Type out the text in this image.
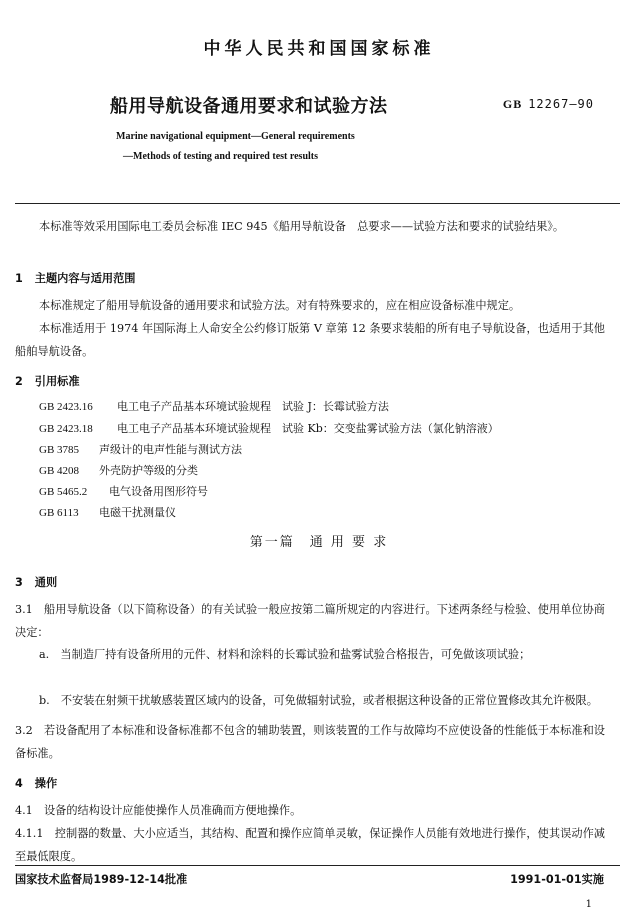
中华人民共和国国家标准
船用导航设备通用要求和试验方法	GB 12267—90
Marine navigational equipment—General requirements
—Methods of testing and required test results
本标准等效采用国际电工委员会标准 IEC 945《船用导航设备　总要求——试验方法和要求的试验结果》。
1 主题内容与适用范围
本标准规定了船用导航设备的通用要求和试验方法。对有特殊要求的，应在相应设备标准中规定。
本标准适用于 1974 年国际海上人命安全公约修订版第 V 章第 12 条要求装船的所有电子导航设备，也适用于其他船舶导航设备。
2 引用标准
GB 2423.16 电工电子产品基本环境试验规程　试验 J：长霉试验方法
GB 2423.18 电工电子产品基本环境试验规程　试验 Kb：交变盐雾试验方法（氯化钠溶液）
GB 3785 声级计的电声性能与测试方法
GB 4208 外壳防护等级的分类
GB 5465.2 电气设备用图形符号
GB 6113 电磁干扰测量仪
第一篇　通 用 要 求
3 通则
3.1　船用导航设备（以下简称设备）的有关试验一般应按第二篇所规定的内容进行。下述两条经与检验、使用单位协商决定：
a.　当制造厂持有设备所用的元件、材料和涂料的长霉试验和盐雾试验合格报告，可免做该项试验；
b.　不安装在射频干扰敏感装置区域内的设备，可免做辐射试验，或者根据这种设备的正常位置修改其允许极限。
3.2　若设备配用了本标准和设备标准都不包含的辅助装置，则该装置的工作与故障均不应使设备的性能低于本标准和设备标准。
4 操作
4.1　设备的结构设计应能使操作人员准确而方便地操作。
4.1.1　控制器的数量、大小应适当，其结构、配置和操作应简单灵敏，保证操作人员能有效地进行操作，使其误动作减至最低限度。
国家技术监督局1989-12-14批准	1991-01-01实施
1
